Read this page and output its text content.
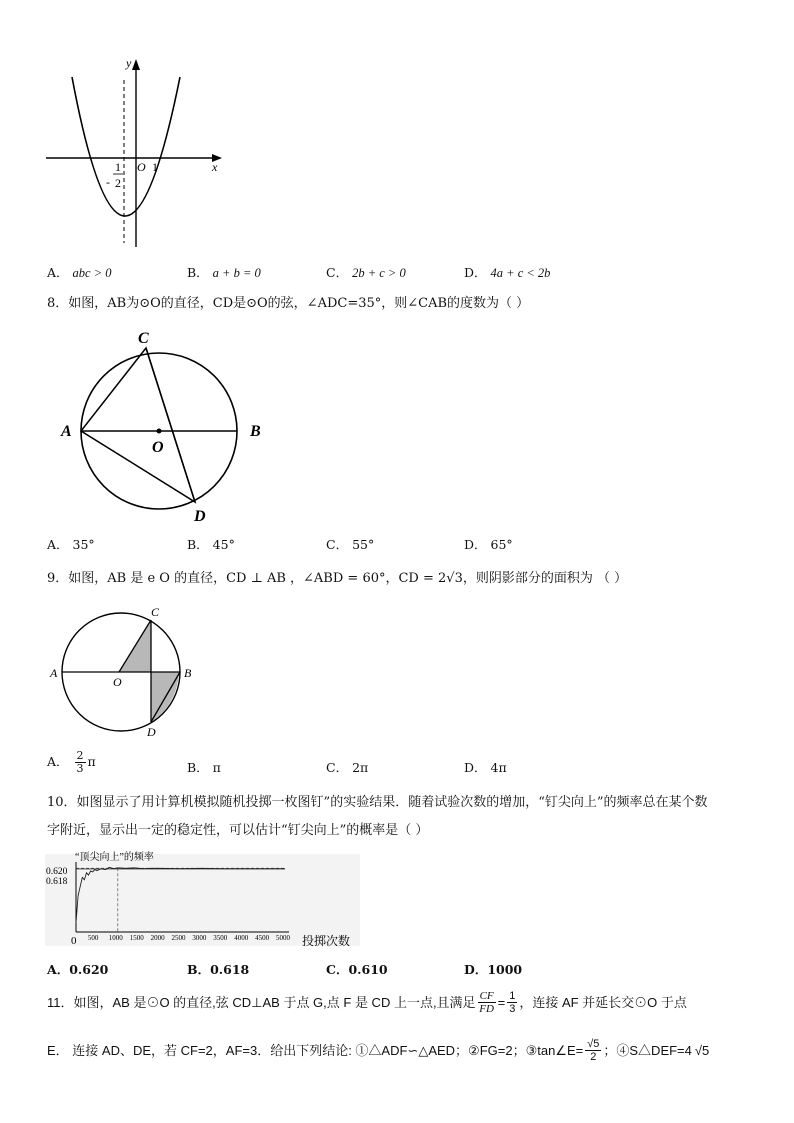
y
x
O 1
-
1
2
A． abc > 0	B． a + b = 0	C． 2b + c > 0	D． 4a + c < 2b
8．如图，AB为⊙O的直径，CD是⊙O的弦，∠ADC=35°，则∠CAB的度数为（ ）
C
A	B
O
D
A． 35°	B． 45°	C． 55°	D． 65°
9．如图，AB 是 e O 的直径，CD ⊥ AB ，∠ABD = 60°，CD = 2√3，则阴影部分的面积为 （ ）
C
A
O
B
D
A． $\frac{2}{3}$ π	B． π	C． 2π	D． 4π
10．如图显示了用计算机模拟随机投掷一枚图钉”的实验结果．随着试验次数的增加，“钉尖向上”的频率总在某个数
字附近，显示出一定的稳定性，可以估计“钉尖向上”的概率是（ ）
“顶尖向上”的频率
0.620
0.618
投掷次数
0 500 1000 1500 2000 2500 3000 3500 4000 4500 5000
A．0.620	B．0.618	C．0.610	D．1000
11．如图，AB 是⊙O 的直径,弦 CD⊥AB 于点 G,点 F 是 CD 上一点,且满足 $\frac{CF}{FD} = \frac{1}{3}$ ，连接 AF 并延长交⊙O 于点
E． 连接 AD、DE，若 CF=2，AF=3．给出下列结论: ①△ADF∽△AED；②FG=2；③tan∠E= $\frac{√5}{2}$ ；④S△DEF=4 √5
